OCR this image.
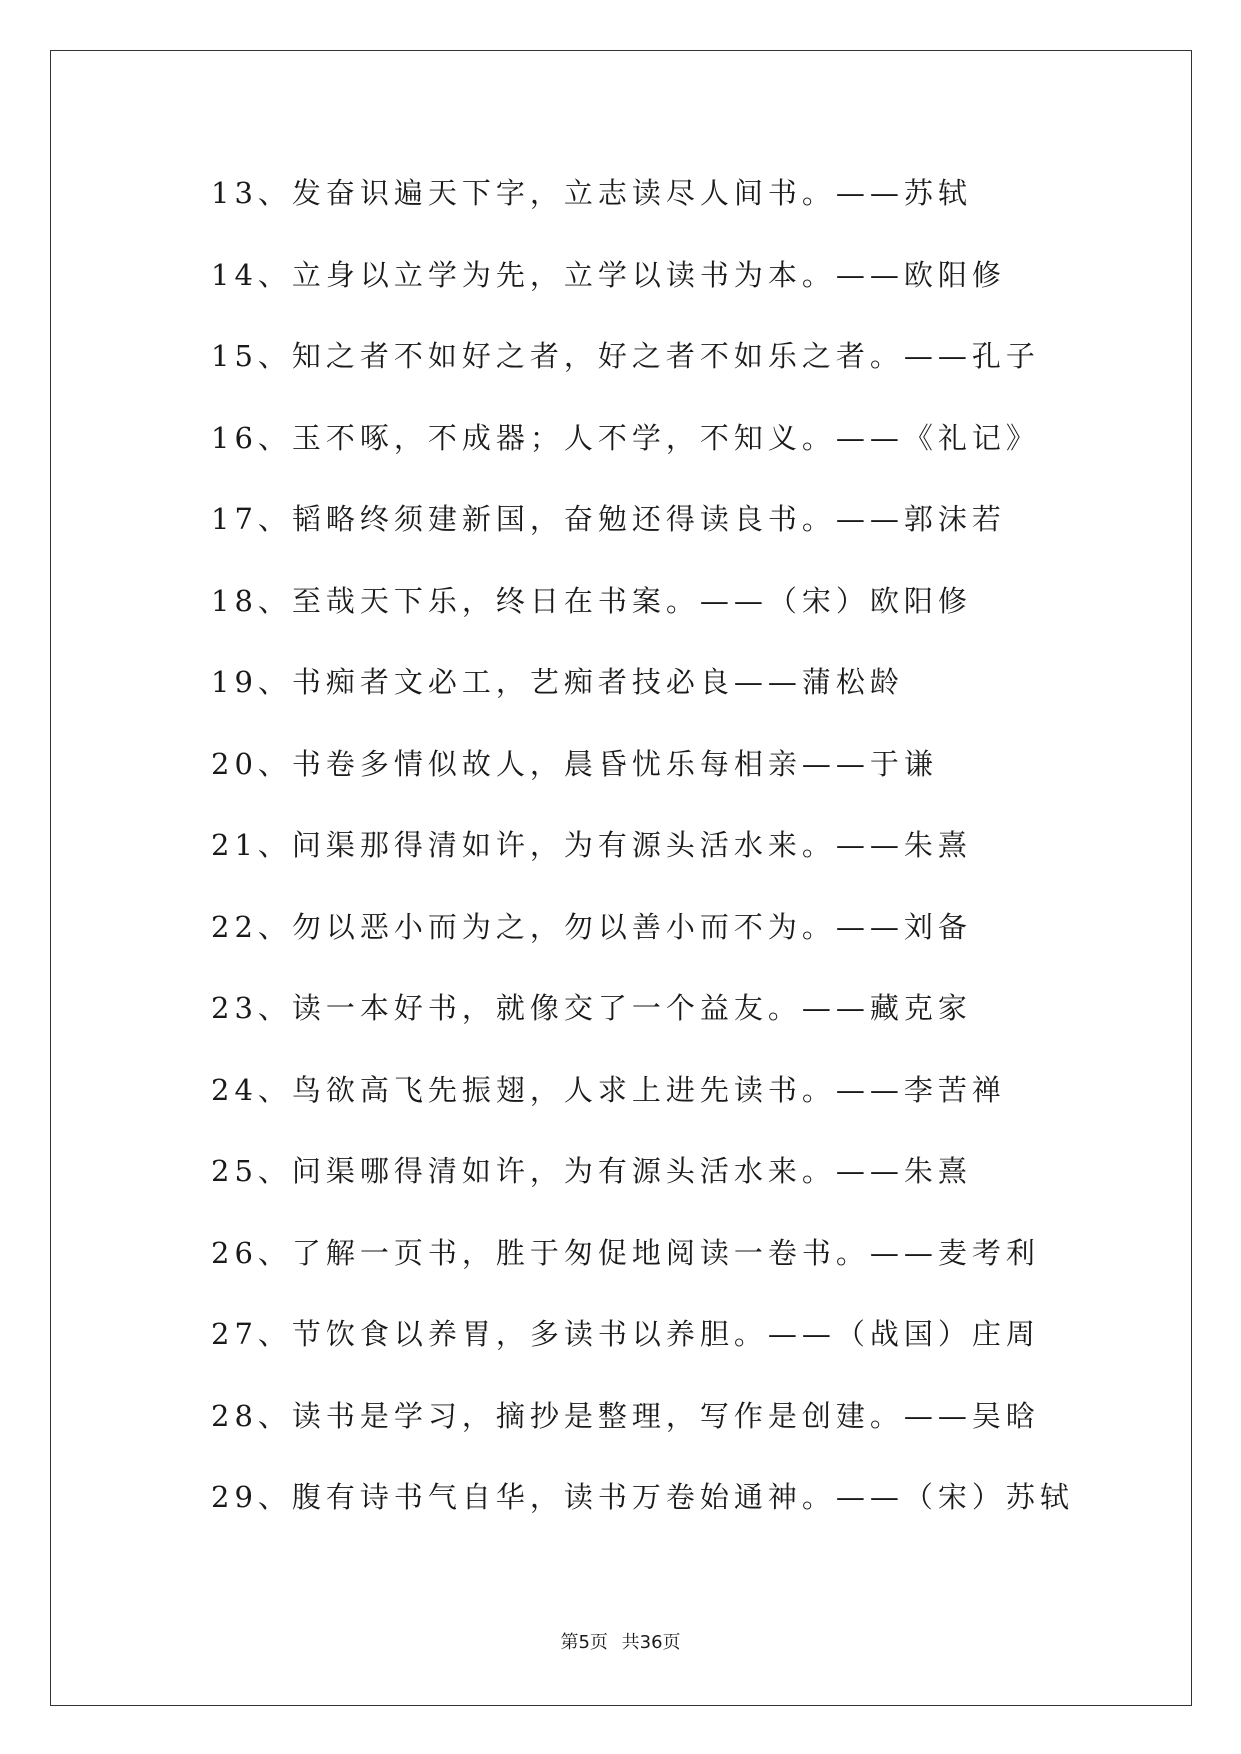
13、发奋识遍天下字，立志读尽人间书。——苏轼
14、立身以立学为先，立学以读书为本。——欧阳修
15、知之者不如好之者，好之者不如乐之者。——孔子
16、玉不啄，不成器；人不学，不知义。——《礼记》
17、韬略终须建新国，奋勉还得读良书。——郭沫若
18、至哉天下乐，终日在书案。——（宋）欧阳修
19、书痴者文必工，艺痴者技必良——蒲松龄
20、书卷多情似故人，晨昏忧乐每相亲——于谦
21、问渠那得清如许，为有源头活水来。——朱熹
22、勿以恶小而为之，勿以善小而不为。——刘备
23、读一本好书，就像交了一个益友。——藏克家
24、鸟欲高飞先振翅，人求上进先读书。——李苦禅
25、问渠哪得清如许，为有源头活水来。——朱熹
26、了解一页书，胜于匆促地阅读一卷书。——麦考利
27、节饮食以养胃，多读书以养胆。——（战国）庄周
28、读书是学习，摘抄是整理，写作是创建。——吴晗
29、腹有诗书气自华，读书万卷始通神。——（宋）苏轼
第5页 共36页
